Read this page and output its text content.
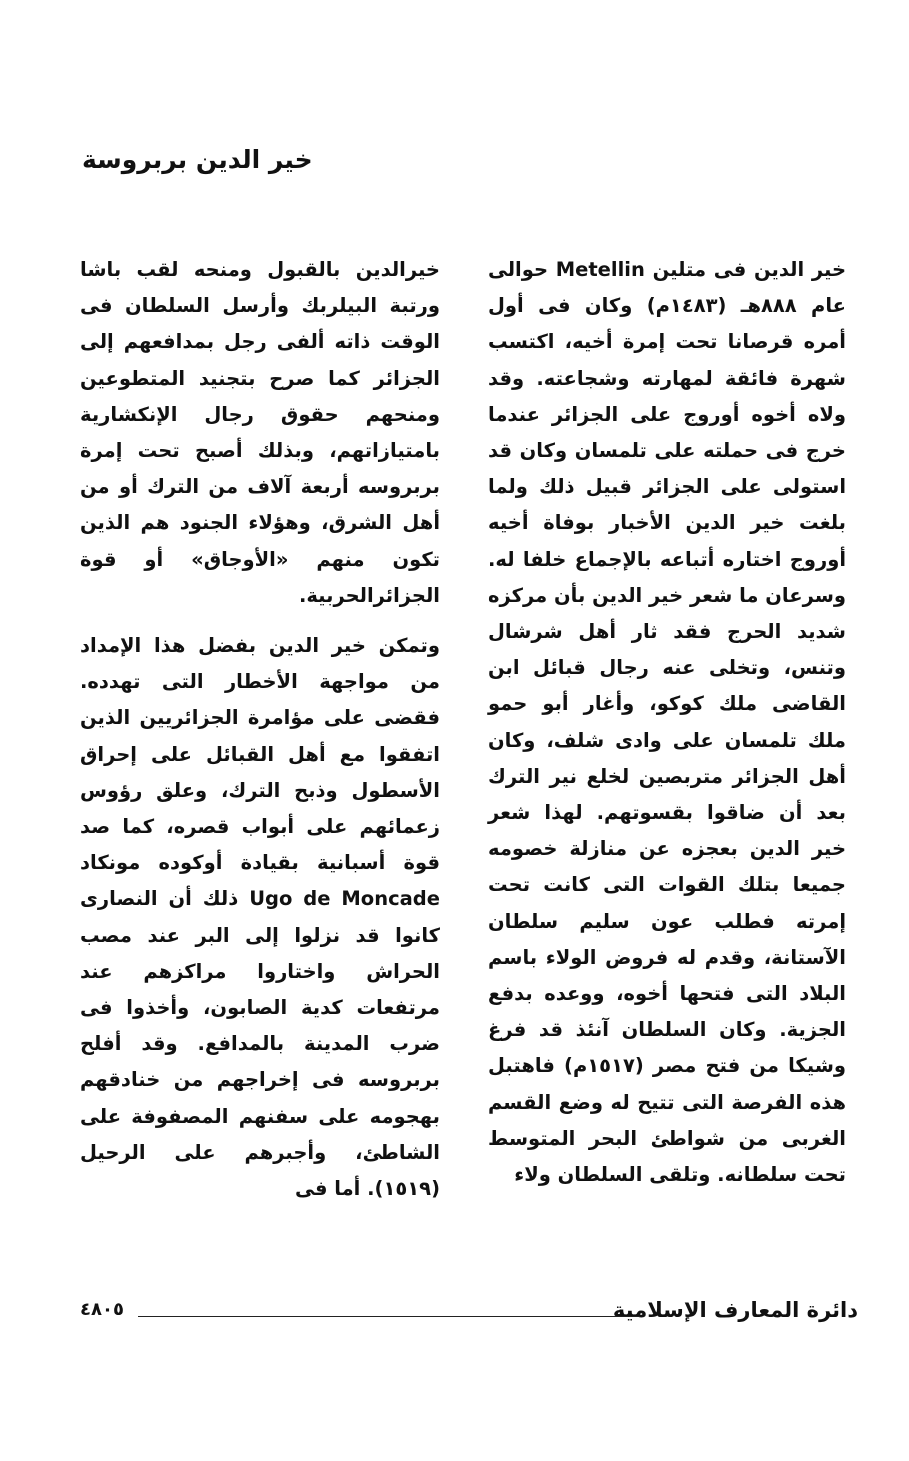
خير الدين بربروسة

خير الدين فى متلين Metellin حوالى عام ٨٨٨هـ (١٤٨٣م) وكان فى أول أمره قرصانا تحت إمرة أخيه، اكتسب شهرة فائقة لمهارته وشجاعته. وقد ولاه أخوه أوروج على الجزائر عندما خرج فى حملته على تلمسان وكان قد استولى على الجزائر قبيل ذلك ولما بلغت خير الدين الأخبار بوفاة أخيه أوروج اختاره أتباعه بالإجماع خلفا له. وسرعان ما شعر خير الدين بأن مركزه شديد الحرج فقد ثار أهل شرشال وتنس، وتخلى عنه رجال قبائل ابن القاضى ملك كوكو، وأغار أبو حمو ملك تلمسان على وادى شلف، وكان أهل الجزائر متربصين لخلع نير الترك بعد أن ضاقوا بقسوتهم. لهذا شعر خير الدين بعجزه عن منازلة خصومه جميعا بتلك القوات التى كانت تحت إمرته فطلب عون سليم سلطان الآستانة، وقدم له فروض الولاء باسم البلاد التى فتحها أخوه، ووعده بدفع الجزية. وكان السلطان آنئذ قد فرغ وشيكا من فتح مصر (١٥١٧م) فاهتبل هذه الفرصة التى تتيح له وضع القسم الغربى من شواطئ البحر المتوسط تحت سلطانه. وتلقى السلطان ولاء

خيرالدين بالقبول ومنحه لقب باشا ورتبة البيلربك وأرسل السلطان فى الوقت ذاته ألفى رجل بمدافعهم إلى الجزائر كما صرح بتجنيد المتطوعين ومنحهم حقوق رجال الإنكشارية بامتيازاتهم، وبذلك أصبح تحت إمرة بربروسه أربعة آلاف من الترك أو من أهل الشرق، وهؤلاء الجنود هم الذين تكون منهم «الأوجاق» أو قوة الجزائرالحربية.

وتمكن خير الدين بفضل هذا الإمداد من مواجهة الأخطار التى تهدده. فقضى على مؤامرة الجزائريين الذين اتفقوا مع أهل القبائل على إحراق الأسطول وذبح الترك، وعلق رؤوس زعمائهم على أبواب قصره، كما صد قوة أسبانية بقيادة أوكوده مونكاد Ugo de Moncade ذلك أن النصارى كانوا قد نزلوا إلى البر عند مصب الحراش واختاروا مراكزهم عند مرتفعات كدية الصابون، وأخذوا فى ضرب المدينة بالمدافع. وقد أفلح بربروسه فى إخراجهم من خنادقهم بهجومه على سفنهم المصفوفة على الشاطئ، وأجبرهم على الرحيل (١٥١٩). أما فى

دائرة المعارف الإسلامية
٤٨٠٥
